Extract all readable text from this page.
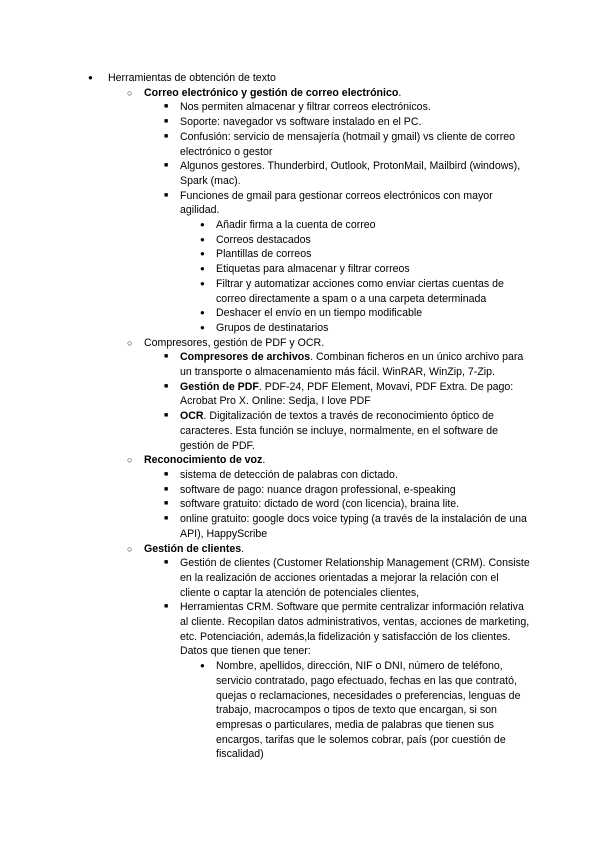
● Herramientas de obtención de texto
○ Correo electrónico y gestión de correo electrónico.
■ Nos permiten almacenar y filtrar correos electrónicos.
■ Soporte: navegador vs software instalado en el PC.
■ Confusión: servicio de mensajería (hotmail y gmail) vs cliente de correo electrónico o gestor
■ Algunos gestores. Thunderbird, Outlook, ProtonMail, Mailbird (windows), Spark (mac).
■ Funciones de gmail para gestionar correos electrónicos con mayor agilidad.
● Añadir firma a la cuenta de correo
● Correos destacados
● Plantillas de correos
● Etiquetas para almacenar y filtrar correos
● Filtrar y automatizar acciones como enviar ciertas cuentas de correo directamente a spam o a una carpeta determinada
● Deshacer el envío en un tiempo modificable
● Grupos de destinatarios
○ Compresores, gestión de PDF y OCR.
■ Compresores de archivos. Combinan ficheros en un único archivo para un transporte o almacenamiento más fácil. WinRAR, WinZip, 7-Zip.
■ Gestión de PDF. PDF-24, PDF Element, Movavi, PDF Extra. De pago: Acrobat Pro X. Online: Sedja, I love PDF
■ OCR. Digitalización de textos a través de reconocimiento óptico de caracteres. Esta función se incluye, normalmente, en el software de gestión de PDF.
○ Reconocimiento de voz.
■ sistema de detección de palabras con dictado.
■ software de pago: nuance dragon professional, e-speaking
■ software gratuito: dictado de word (con licencia), braina lite.
■ online gratuito: google docs voice typing (a través de la instalación de una API), HappyScribe
○ Gestión de clientes.
■ Gestión de clientes (Customer Relationship Management (CRM). Consiste en la realización de acciones orientadas a mejorar la relación con el cliente o captar la atención de potenciales clientes,
■ Herramientas CRM. Software que permite centralizar información relativa al cliente. Recopilan datos administrativos, ventas, acciones de marketing, etc. Potenciación, además,la fidelización y satisfacción de los clientes. Datos que tienen que tener:
● Nombre, apellidos, dirección, NIF o DNI, número de teléfono, servicio contratado, pago efectuado, fechas en las que contrató, quejas o reclamaciones, necesidades o preferencias, lenguas de trabajo, macrocampos o tipos de texto que encargan, si son empresas o particulares, media de palabras que tienen sus encargos, tarifas que le solemos cobrar, país (por cuestión de fiscalidad)
